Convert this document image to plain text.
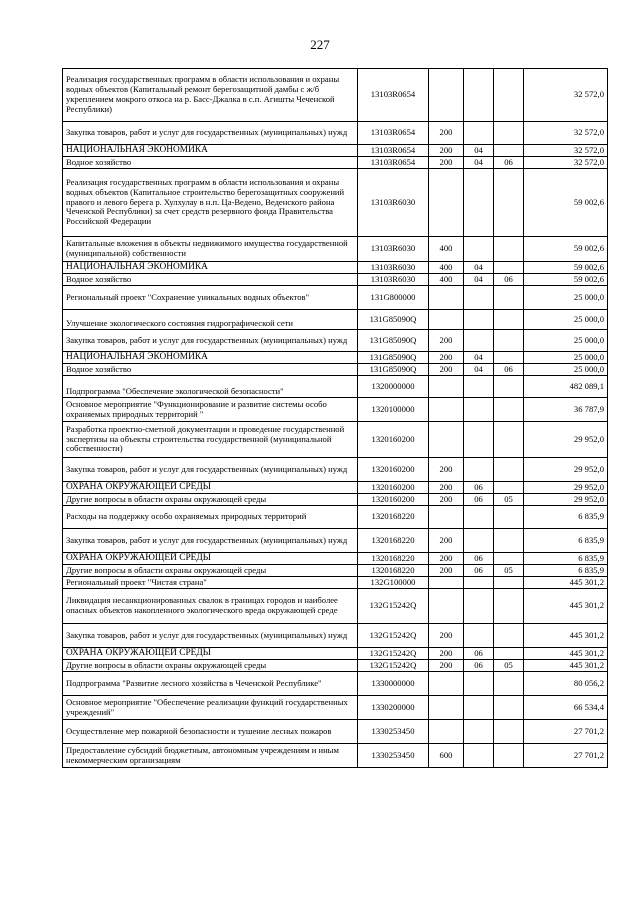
227
Реализация государственных программ в области использования и охраны водных объектов (Капитальный ремонт берегозащитной дамбы с ж/б укреплением мокрого откоса на р. Басс-Джалка в с.п. Агишты Чеченской Республики)	13103R0654				32 572,0
Закупка товаров, работ и услуг для государственных (муниципальных) нужд	13103R0654	200			32 572,0
НАЦИОНАЛЬНАЯ ЭКОНОМИКА	13103R0654	200	04		32 572,0
Водное хозяйство	13103R0654	200	04	06	32 572,0
Реализация государственных программ в области использования и охраны водных объектов (Капитальное строительство берегозащитных сооружений правого и левого берега р. Хулхулау в н.п. Ца-Ведено, Веденского района Чеченской Республики) за счет средств резервного фонда Правительства Российской Федерации	13103R6030				59 002,6
Капитальные вложения в объекты недвижимого имущества государственной (муниципальной) собственности	13103R6030	400			59 002,6
НАЦИОНАЛЬНАЯ ЭКОНОМИКА	13103R6030	400	04		59 002,6
Водное хозяйство	13103R6030	400	04	06	59 002,6
Региональный проект "Сохранение уникальных водных объектов"	131G800000				25 000,0
Улучшение экологического состояния гидрографической сети	131G85090Q				25 000,0
Закупка товаров, работ и услуг для государственных (муниципальных) нужд	131G85090Q	200			25 000,0
НАЦИОНАЛЬНАЯ ЭКОНОМИКА	131G85090Q	200	04		25 000,0
Водное хозяйство	131G85090Q	200	04	06	25 000,0
Подпрограмма "Обеспечение экологической безопасности"	1320000000				482 089,1
Основное мероприятие "Функционирование и развитие системы особо охраняемых природных территорий "	1320100000				36 787,9
Разработка проектно-сметной документации и проведение государственной экспертизы на объекты строительства государственной (муниципальной собственности)	1320160200				29 952,0
Закупка товаров, работ и услуг для государственных (муниципальных) нужд	1320160200	200			29 952,0
ОХРАНА ОКРУЖАЮЩЕЙ СРЕДЫ	1320160200	200	06		29 952,0
Другие вопросы в области охраны окружающей среды	1320160200	200	06	05	29 952,0
Расходы на поддержку особо охраняемых природных территорий	1320168220				6 835,9
Закупка товаров, работ и услуг для государственных (муниципальных) нужд	1320168220	200			6 835,9
ОХРАНА ОКРУЖАЮЩЕЙ СРЕДЫ	1320168220	200	06		6 835,9
Другие вопросы в области охраны окружающей среды	1320168220	200	06	05	6 835,9
Региональный проект "Чистая страна"	132G100000				445 301,2
Ликвидация несанкционированных свалок в границах городов и наиболее опасных объектов накопленного экологического вреда окружающей среде	132G15242Q				445 301,2
Закупка товаров, работ и услуг для государственных (муниципальных) нужд	132G15242Q	200			445 301,2
ОХРАНА ОКРУЖАЮЩЕЙ СРЕДЫ	132G15242Q	200	06		445 301,2
Другие вопросы в области охраны окружающей среды	132G15242Q	200	06	05	445 301,2
Подпрограмма "Развитие лесного хозяйства в Чеченской Республике"	1330000000				80 056,2
Основное мероприятие "Обеспечение реализации функций государственных учреждений"	1330200000				66 534,4
Осуществление мер пожарной безопасности и тушение лесных пожаров	1330253450				27 701,2
Предоставление субсидий бюджетным, автономным учреждениям и иным некоммерческим организациям	1330253450	600			27 701,2
